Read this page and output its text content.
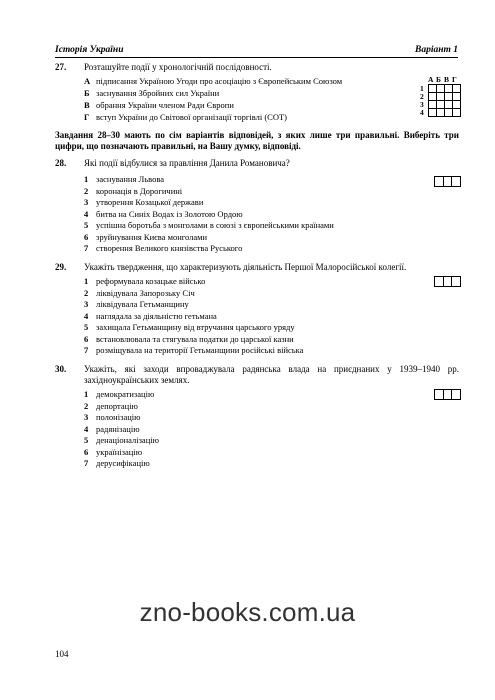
Історія України	Варіант 1
27. Розташуйте події у хронологічній послідовності.
А підписання Україною Угоди про асоціацію з Європейським Союзом
Б заснування Збройних сил України
В обрання України членом Ради Європи
Г вступ України до Світової організації торгівлі (СОТ)
А Б В Г
1
2
3
4
Завдання 28–30 мають по сім варіантів відповідей, з яких лише три правильні. Виберіть три цифри, що позначають правильні, на Вашу думку, відповіді.
28. Які події відбулися за правління Данила Романовича?
1 заснування Львова
2 коронація в Дорогичині
3 утворення Козацької держави
4 битва на Синіх Водах із Золотою Ордою
5 успішна боротьба з монголами в союзі з європейськими країнами
6 зруйнування Києва монголами
7 створення Великого князівства Руського
29. Укажіть твердження, що характеризують діяльність Першої Малоросійської колегії.
1 реформувала козацьке військо
2 ліквідувала Запорозьку Січ
3 ліквідувала Гетьманщину
4 наглядала за діяльністю гетьмана
5 захищала Гетьманщину від втручання царського уряду
6 встановлювала та стягувала податки до царської казни
7 розміщувала на території Гетьманщини російські війська
30. Укажіть, які заходи впроваджувала радянська влада на приєднаних у 1939–1940 рр.
західноукраїнських землях.
1 демократизацію
2 депортацію
3 полонізацію
4 радянізацію
5 денаціоналізацію
6 українізацію
7 дерусифікацію
zno-books.com.ua
104
